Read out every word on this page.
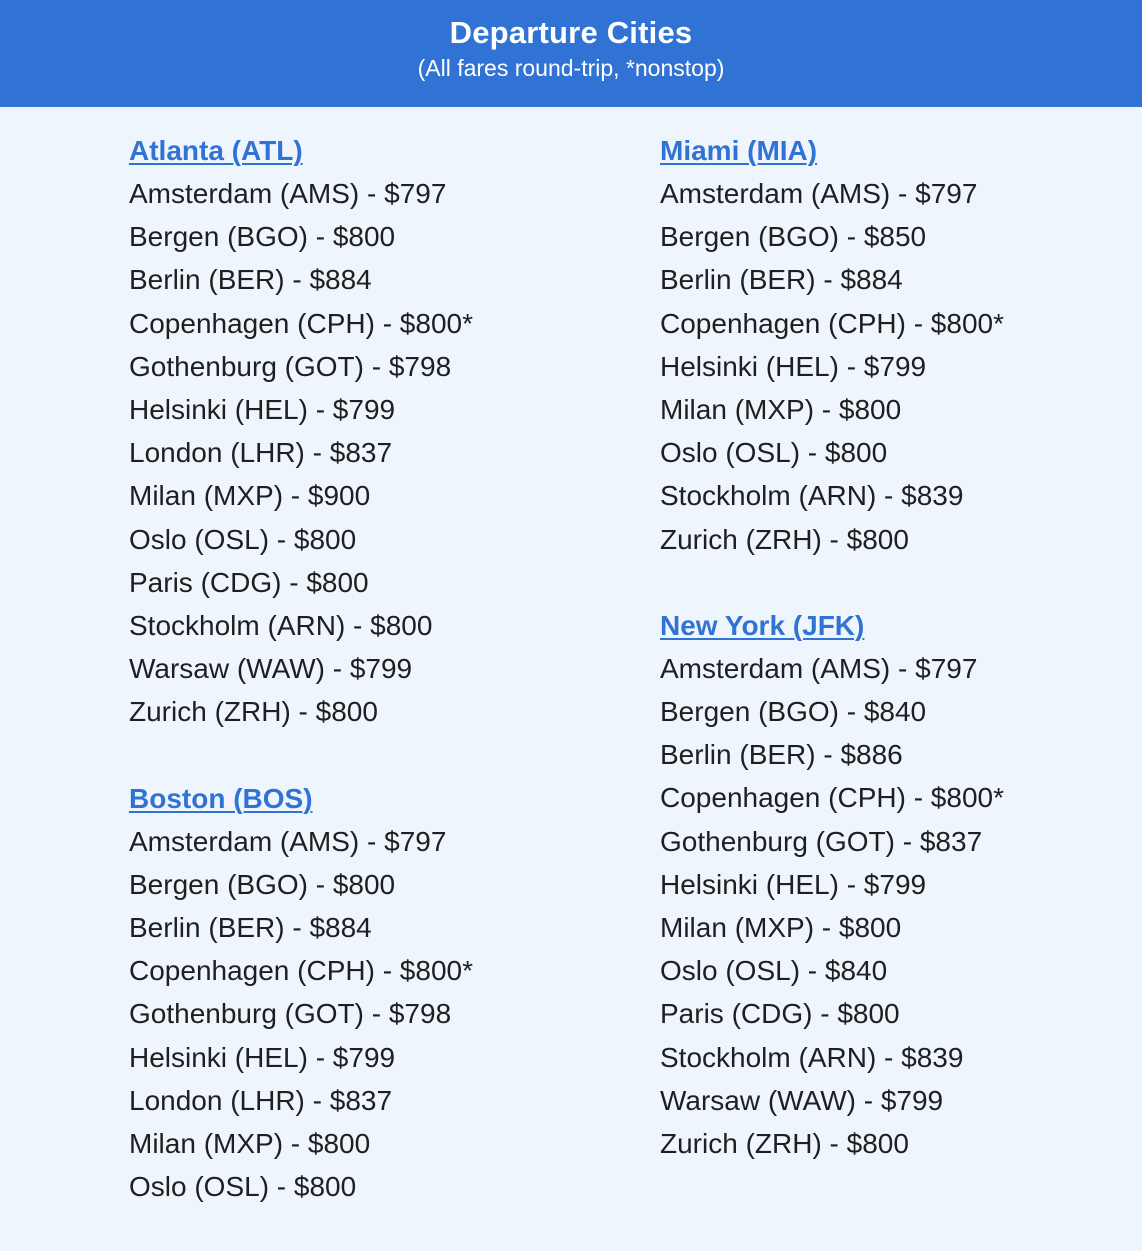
Departure Cities
(All fares round-trip, *nonstop)
Atlanta (ATL)
Amsterdam (AMS) - $797
Bergen (BGO) - $800
Berlin (BER) - $884
Copenhagen (CPH) - $800*
Gothenburg (GOT) - $798
Helsinki (HEL) - $799
London (LHR) - $837
Milan (MXP) - $900
Oslo (OSL) - $800
Paris (CDG) - $800
Stockholm (ARN) - $800
Warsaw (WAW) - $799
Zurich (ZRH) - $800
Boston (BOS)
Amsterdam (AMS) - $797
Bergen (BGO) - $800
Berlin (BER) - $884
Copenhagen (CPH) - $800*
Gothenburg (GOT) - $798
Helsinki (HEL) - $799
London (LHR) - $837
Milan (MXP) - $800
Oslo (OSL) - $800
Miami (MIA)
Amsterdam (AMS) - $797
Bergen (BGO) - $850
Berlin (BER) - $884
Copenhagen (CPH) - $800*
Helsinki (HEL) - $799
Milan (MXP) - $800
Oslo (OSL) - $800
Stockholm (ARN) - $839
Zurich (ZRH) - $800
New York (JFK)
Amsterdam (AMS) - $797
Bergen (BGO) - $840
Berlin (BER) - $886
Copenhagen (CPH) - $800*
Gothenburg (GOT) - $837
Helsinki (HEL) - $799
Milan (MXP) - $800
Oslo (OSL) - $840
Paris (CDG) - $800
Stockholm (ARN) - $839
Warsaw (WAW) - $799
Zurich (ZRH) - $800
